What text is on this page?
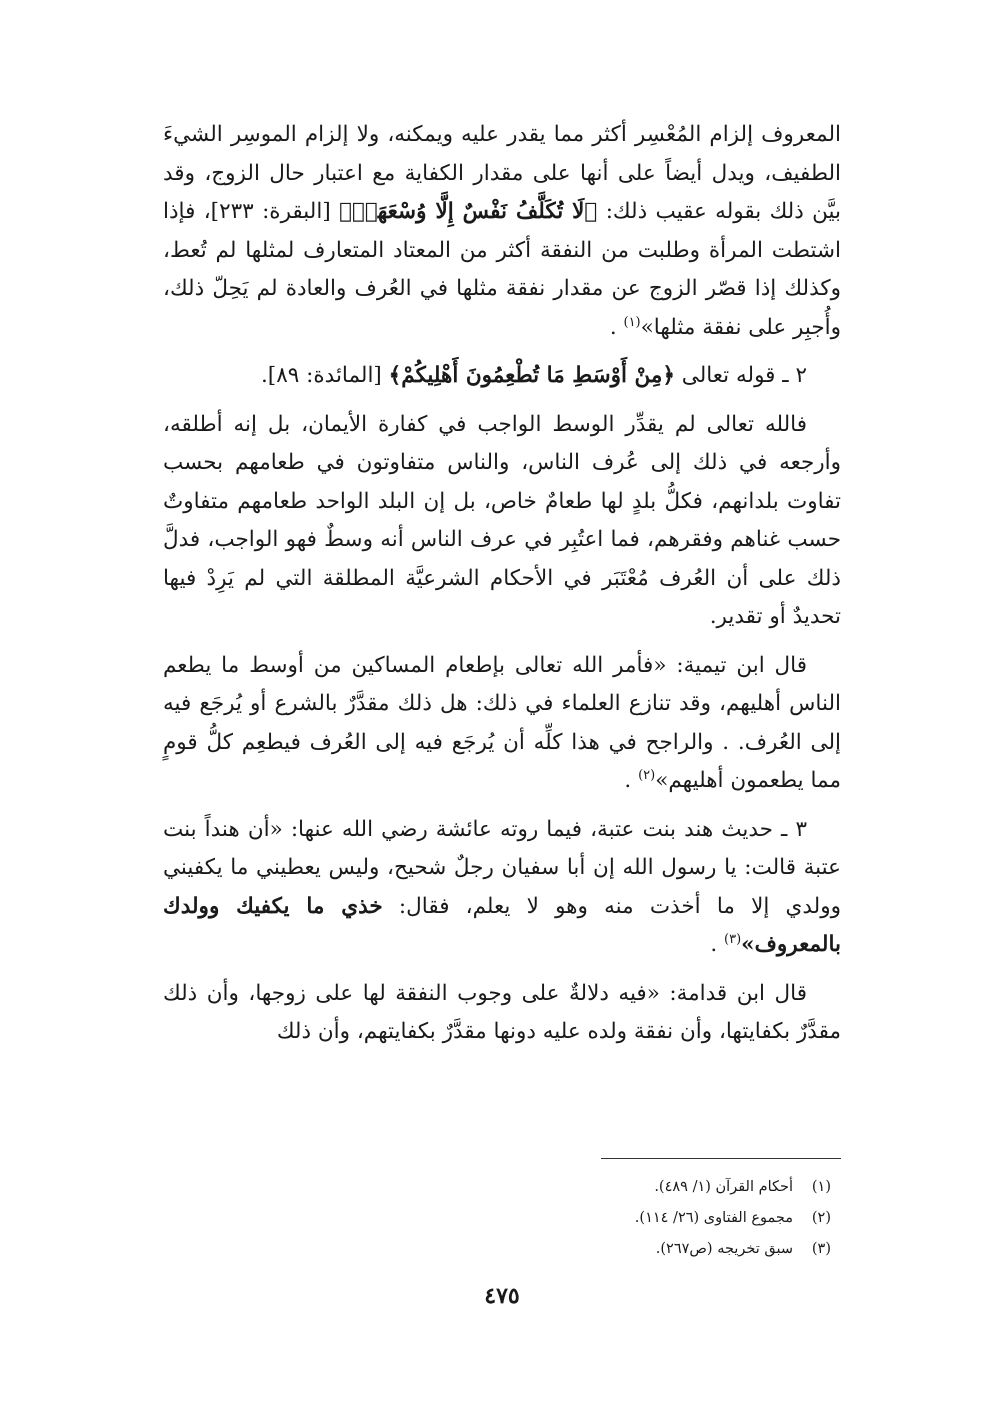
المعروف إلزام المُعْسِر أكثر مما يقدر عليه ويمكنه، ولا إلزام الموسِر الشيءَ الطفيف، ويدل أيضاً على أنها على مقدار الكفاية مع اعتبار حال الزوج، وقد بيَّن ذلك بقوله عقيب ذلك: ﴿لَا تُكَلَّفُ نَفْسٌ إِلَّا وُسْعَهَاۚ﴾ [البقرة: ٢٣٣]، فإذا اشتطت المرأة وطلبت من النفقة أكثر من المعتاد المتعارف لمثلها لم تُعط، وكذلك إذا قصّر الزوج عن مقدار نفقة مثلها في العُرف والعادة لم يَحِلّ ذلك، وأُجبِر على نفقة مثلها»$^{(١)}$ .

٢ ـ قوله تعالى ﴿مِنْ أَوْسَطِ مَا تُطْعِمُونَ أَهْلِيكُمْ﴾ [المائدة: ٨٩].

فالله تعالى لم يقدِّر الوسط الواجب في كفارة الأيمان، بل إنه أطلقه، وأرجعه في ذلك إلى عُرف الناس، والناس متفاوتون في طعامهم بحسب تفاوت بلدانهم، فكلُّ بلدٍ لها طعامٌ خاص، بل إن البلد الواحد طعامهم متفاوتٌ حسب غناهم وفقرهم، فما اعتُبِر في عرف الناس أنه وسطٌ فهو الواجب، فدلَّ ذلك على أن العُرف مُعْتَبَر في الأحكام الشرعيَّة المطلقة التي لم يَرِدْ فيها تحديدٌ أو تقدير.

قال ابن تيمية: «فأمر الله تعالى بإطعام المساكين من أوسط ما يطعم الناس أهليهم، وقد تنازع العلماء في ذلك: هل ذلك مقدَّرٌ بالشرع أو يُرجَع فيه إلى العُرف. . والراجح في هذا كلِّه أن يُرجَع فيه إلى العُرف فيطعِم كلُّ قومٍ مما يطعمون أهليهم»$^{(٢)}$ .

٣ ـ حديث هند بنت عتبة، فيما روته عائشة رضي الله عنها: «أن هنداً بنت عتبة قالت: يا رسول الله إن أبا سفيان رجلٌ شحيح، وليس يعطيني ما يكفيني وولدي إلا ما أخذت منه وهو لا يعلم، فقال: خذي ما يكفيك وولدك بالمعروف»$^{(٣)}$ .

قال ابن قدامة: «فيه دلالةٌ على وجوب النفقة لها على زوجها، وأن ذلك مقدَّرٌ بكفايتها، وأن نفقة ولده عليه دونها مقدَّرٌ بكفايتهم، وأن ذلك

(١)أحكام القرآن (١/ ٤٨٩).

(٢)مجموع الفتاوى (٢٦/ ١١٤).

(٣)سبق تخريجه (ص٢٦٧).

٤٧٥
